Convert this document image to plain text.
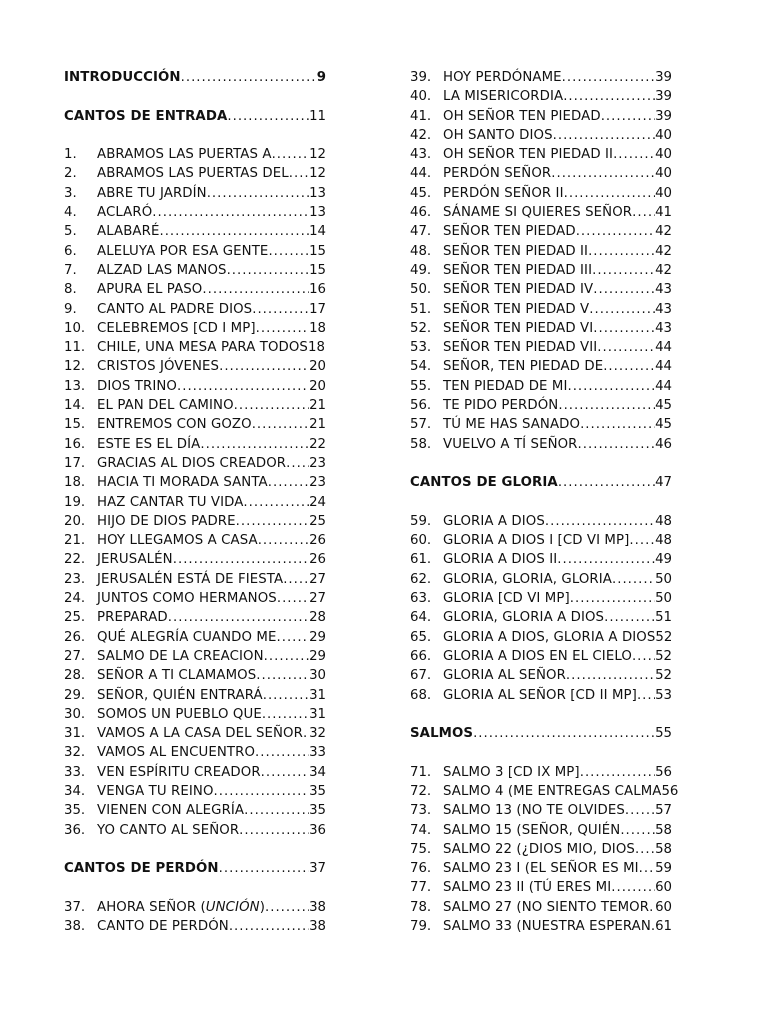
INTRODUCCIÓN .....	9
CANTOS DE ENTRADA .....	11
1.	ABRAMOS LAS PUERTAS A .....	12
2.	ABRAMOS LAS PUERTAS DEL ..... 12
3.	ABRE TU JARDÍN .....	13
4.	ACLARÓ .....	13
5.	ALABARÉ .....	14
6.	ALELUYA POR ESA GENTE .....	15
7.	ALZAD LAS MANOS .....	15
8.	APURA EL PASO .....	16
9.	CANTO AL PADRE DIOS .....	17
10. CELEBREMOS [CD I MP] .....	18
11. CHILE, UNA MESA PARA TODOS 18
12. CRISTOS JÓVENES .....	20
13. DIOS TRINO .....	20
14. EL PAN DEL CAMINO .....	21
15. ENTREMOS CON GOZO .....	21
16. ESTE ES EL DÍA .....	22
17. GRACIAS AL DIOS CREADOR ..... 23
18. HACIA TI MORADA SANTA .....	23
19. HAZ CANTAR TU VIDA .....	24
20. HIJO DE DIOS PADRE .....	25
21. HOY LLEGAMOS A CASA .....	26
22. JERUSALÉN .....	26
23. JERUSALÉN ESTÁ DE FIESTA ..... 27
24. JUNTOS COMO HERMANOS ..... 27
25. PREPARAD .....	28
26. QUÉ ALEGRÍA CUANDO ME ..... 29
27. SALMO DE LA CREACION .....	29
28. SEÑOR A TI CLAMAMOS .....	30
29. SEÑOR, QUIÉN ENTRARÁ .....	31
30. SOMOS UN PUEBLO QUE .....	31
31. VAMOS A LA CASA DEL SEÑOR ..... 32
32. VAMOS AL ENCUENTRO .....	33
33. VEN ESPÍRITU CREADOR .....	34
34. VENGA TU REINO .....	35
35. VIENEN CON ALEGRÍA .....	35
36. YO CANTO AL SEÑOR .....	36
CANTOS DE PERDÓN .....	37
37. AHORA SEÑOR (UNCIÓN) .....	38
38. CANTO DE PERDÓN .....	38
39. HOY PERDÓNAME .....	39
40. LA MISERICORDIA .....	39
41. OH SEÑOR TEN PIEDAD .....	39
42. OH SANTO DIOS .....	40
43. OH SEÑOR TEN PIEDAD II .....	40
44. PERDÓN SEÑOR .....	40
45. PERDÓN SEÑOR II .....	40
46. SÁNAME SI QUIERES SEÑOR ..... 41
47. SEÑOR TEN PIEDAD .....	42
48. SEÑOR TEN PIEDAD II .....	42
49. SEÑOR TEN PIEDAD III .....	42
50. SEÑOR TEN PIEDAD IV .....	43
51. SEÑOR TEN PIEDAD V .....	43
52. SEÑOR TEN PIEDAD VI .....	43
53. SEÑOR TEN PIEDAD VII .....	44
54. SEÑOR, TEN PIEDAD DE .....	44
55. TEN PIEDAD DE MI .....	44
56. TE PIDO PERDÓN .....	45
57. TÚ ME HAS SANADO .....	45
58. VUELVO A TÍ SEÑOR .....	46
CANTOS DE GLORIA .....	47
59. GLORIA A DIOS .....	48
60. GLORIA A DIOS I [CD VI MP] ..... 48
61. GLORIA A DIOS II .....	49
62. GLORIA, GLORIA, GLORIA .....	50
63. GLORIA [CD VI MP] .....	50
64. GLORIA, GLORIA A DIOS .....	51
65. GLORIA A DIOS, GLORIA A DIOS 52
66. GLORIA A DIOS EN EL CIELO ..... 52
67. GLORIA AL SEÑOR .....	52
68. GLORIA AL SEÑOR [CD II MP] ..... 53
SALMOS .....	55
71. SALMO 3 [CD IX MP] .....	56
72. SALMO 4 (ME ENTREGAS CALMA 56
73. SALMO 13 (NO TE OLVIDES ..... 57
74. SALMO 15 (SEÑOR, QUIÉN .....	58
75. SALMO 22 (¿DIOS MIO, DIOS ..... 58
76. SALMO 23 I (EL SEÑOR ES MI ..... 59
77. SALMO 23 II (TÚ ERES MI .....	60
78. SALMO 27 (NO SIENTO TEMOR ..... 60
79. SALMO 33 (NUESTRA ESPERAN ..... 61
